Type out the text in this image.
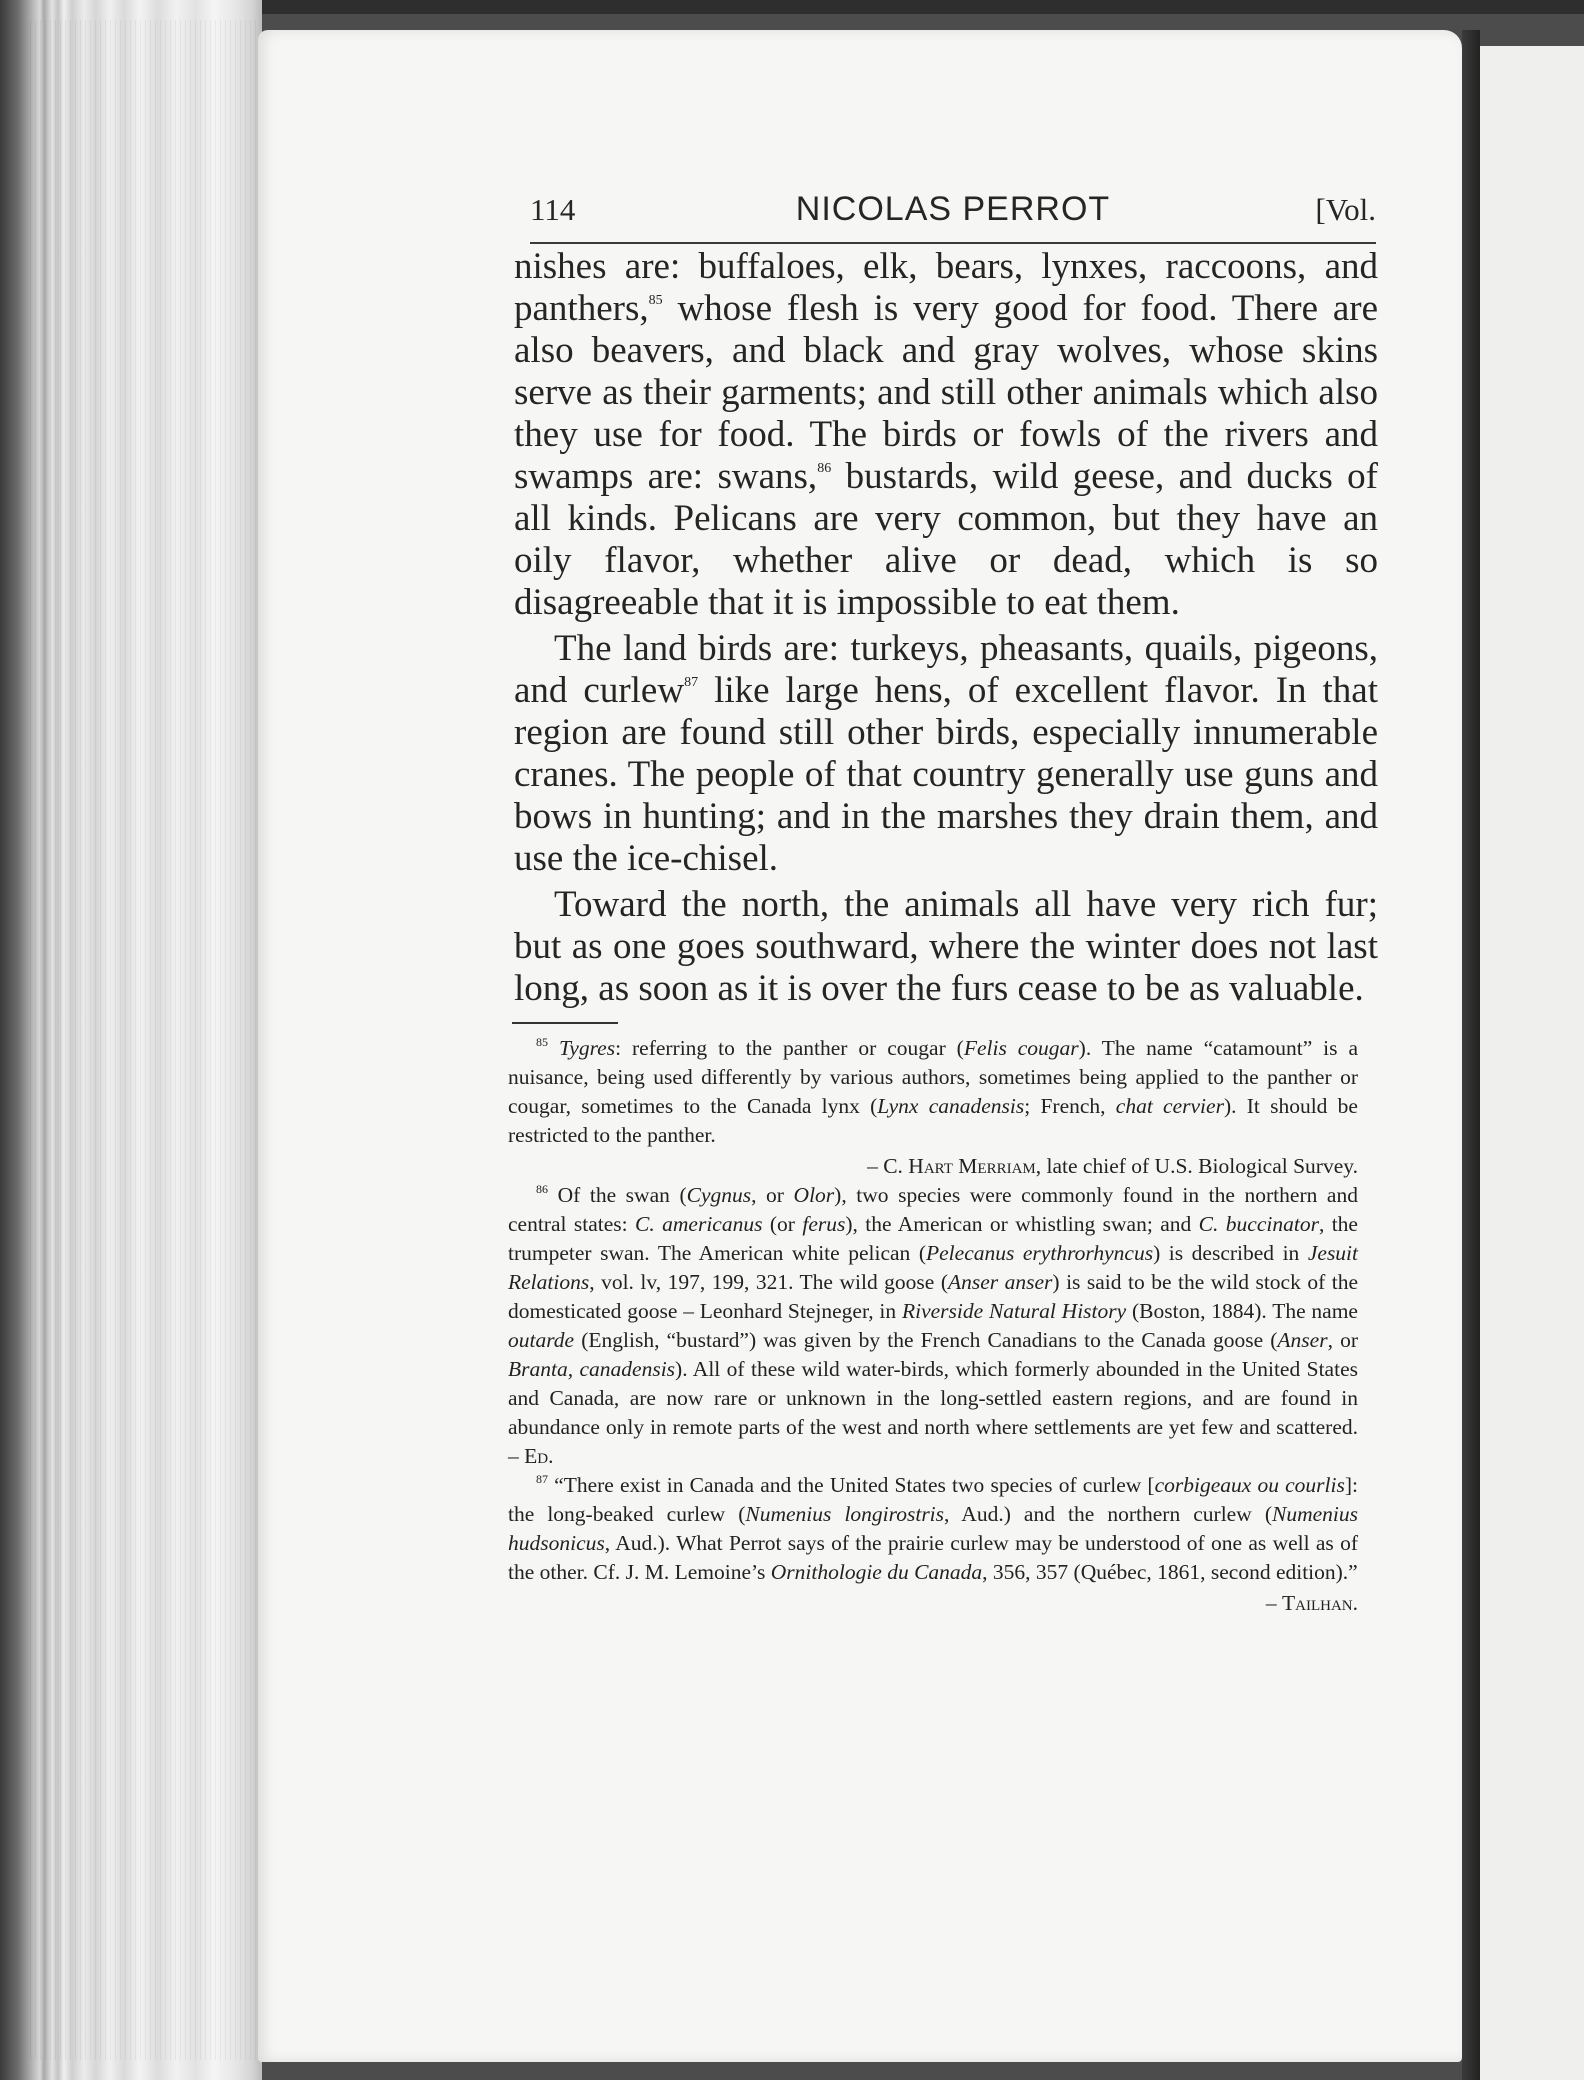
114	NICOLAS PERROT	[Vol.

nishes are: buffaloes, elk, bears, lynxes, raccoons, and panthers,$^{85}$ whose flesh is very good for food. There are also beavers, and black and gray wolves, whose skins serve as their garments; and still other animals which also they use for food. The birds or fowls of the rivers and swamps are: swans,$^{86}$ bustards, wild geese, and ducks of all kinds. Pelicans are very common, but they have an oily flavor, whether alive or dead, which is so disagreeable that it is impossible to eat them.

The land birds are: turkeys, pheasants, quails, pigeons, and curlew$^{87}$ like large hens, of excellent flavor. In that region are found still other birds, especially innumerable cranes. The people of that country generally use guns and bows in hunting; and in the marshes they drain them, and use the ice-chisel.

Toward the north, the animals all have very rich fur; but as one goes southward, where the winter does not last long, as soon as it is over the furs cease to be as valuable.

$^{85}$ Tygres: referring to the panther or cougar (Felis cougar). The name “catamount” is a nuisance, being used differently by various authors, sometimes being applied to the panther or cougar, sometimes to the Canada lynx (Lynx canadensis; French, chat cervier). It should be restricted to the panther.

– C. Hart Merriam, late chief of U.S. Biological Survey.

$^{86}$ Of the swan (Cygnus, or Olor), two species were commonly found in the northern and central states: C. americanus (or ferus), the American or whistling swan; and C. buccinator, the trumpeter swan. The American white pelican (Pelecanus erythrorhyncus) is described in Jesuit Relations, vol. lv, 197, 199, 321. The wild goose (Anser anser) is said to be the wild stock of the domesticated goose – Leonhard Stejneger, in Riverside Natural History (Boston, 1884). The name outarde (English, “bustard”) was given by the French Canadians to the Canada goose (Anser, or Branta, canadensis). All of these wild water-birds, which formerly abounded in the United States and Canada, are now rare or unknown in the long-settled eastern regions, and are found in abundance only in remote parts of the west and north where settlements are yet few and scattered. – Ed.

$^{87}$ “There exist in Canada and the United States two species of curlew [corbigeaux ou courlis]: the long-beaked curlew (Numenius longirostris, Aud.) and the northern curlew (Numenius hudsonicus, Aud.). What Perrot says of the prairie curlew may be understood of one as well as of the other. Cf. J. M. Lemoine’s Ornithologie du Canada, 356, 357 (Québec, 1861, second edition).”

– Tailhan.
